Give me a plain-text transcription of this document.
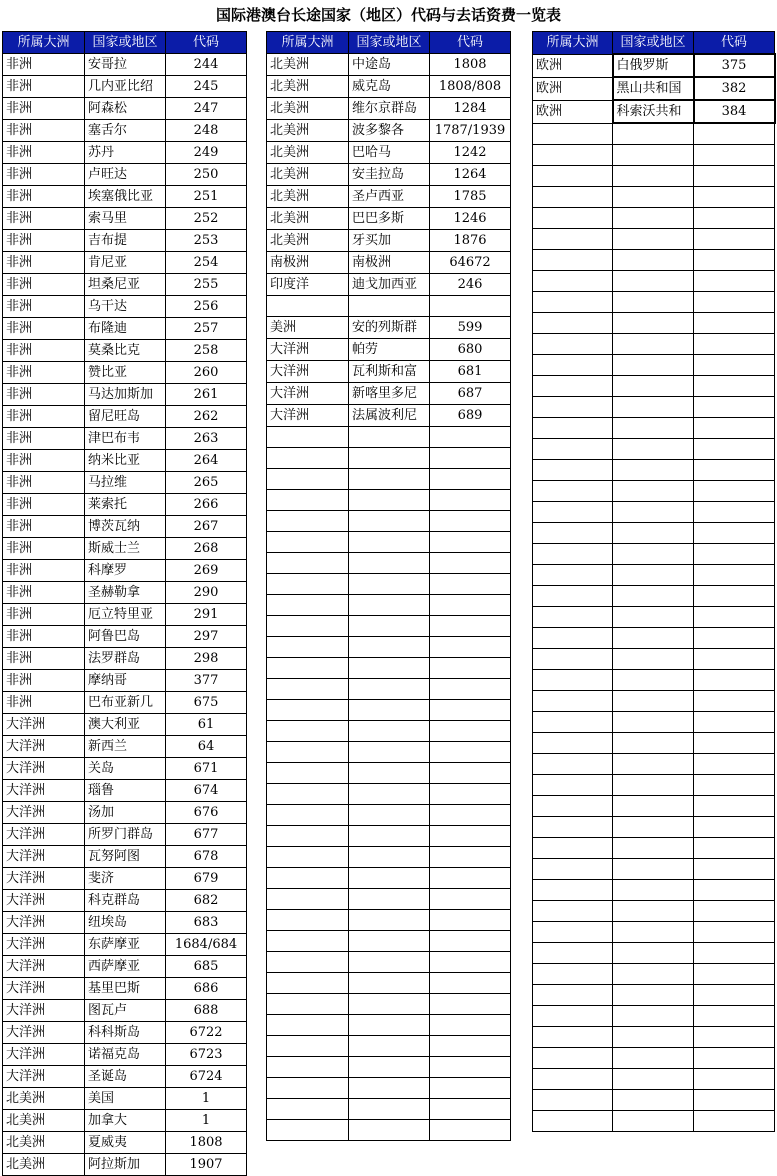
国际港澳台长途国家（地区）代码与去话资费一览表
所属大洲	国家或地区	代码
非洲	安哥拉	244
非洲	几内亚比绍	245
非洲	阿森松	247
非洲	塞舌尔	248
非洲	苏丹	249
非洲	卢旺达	250
非洲	埃塞俄比亚	251
非洲	索马里	252
非洲	吉布提	253
非洲	肯尼亚	254
非洲	坦桑尼亚	255
非洲	乌干达	256
非洲	布隆迪	257
非洲	莫桑比克	258
非洲	赞比亚	260
非洲	马达加斯加	261
非洲	留尼旺岛	262
非洲	津巴布韦	263
非洲	纳米比亚	264
非洲	马拉维	265
非洲	莱索托	266
非洲	博茨瓦纳	267
非洲	斯威士兰	268
非洲	科摩罗	269
非洲	圣赫勒拿	290
非洲	厄立特里亚	291
非洲	阿鲁巴岛	297
非洲	法罗群岛	298
非洲	摩纳哥	377
非洲	巴布亚新几	675
大洋洲	澳大利亚	61
大洋洲	新西兰	64
大洋洲	关岛	671
大洋洲	瑙鲁	674
大洋洲	汤加	676
大洋洲	所罗门群岛	677
大洋洲	瓦努阿图	678
大洋洲	斐济	679
大洋洲	科克群岛	682
大洋洲	纽埃岛	683
大洋洲	东萨摩亚	1684/684
大洋洲	西萨摩亚	685
大洋洲	基里巴斯	686
大洋洲	图瓦卢	688
大洋洲	科科斯岛	6722
大洋洲	诺福克岛	6723
大洋洲	圣诞岛	6724
北美洲	美国	1
北美洲	加拿大	1
北美洲	夏威夷	1808
北美洲	阿拉斯加	1907
所属大洲	国家或地区	代码
北美洲	中途岛	1808
北美洲	威克岛	1808/808
北美洲	维尔京群岛	1284
北美洲	波多黎各	1787/1939
北美洲	巴哈马	1242
北美洲	安圭拉岛	1264
北美洲	圣卢西亚	1785
北美洲	巴巴多斯	1246
北美洲	牙买加	1876
南极洲	南极洲	64672
印度洋	迪戈加西亚	246

美洲	安的列斯群	599
大洋洲	帕劳	680
大洋洲	瓦利斯和富	681
大洋洲	新喀里多尼	687
大洋洲	法属波利尼	689

所属大洲	国家或地区	代码
欧洲	白俄罗斯	375
欧洲	黑山共和国	382
欧洲	科索沃共和	384
